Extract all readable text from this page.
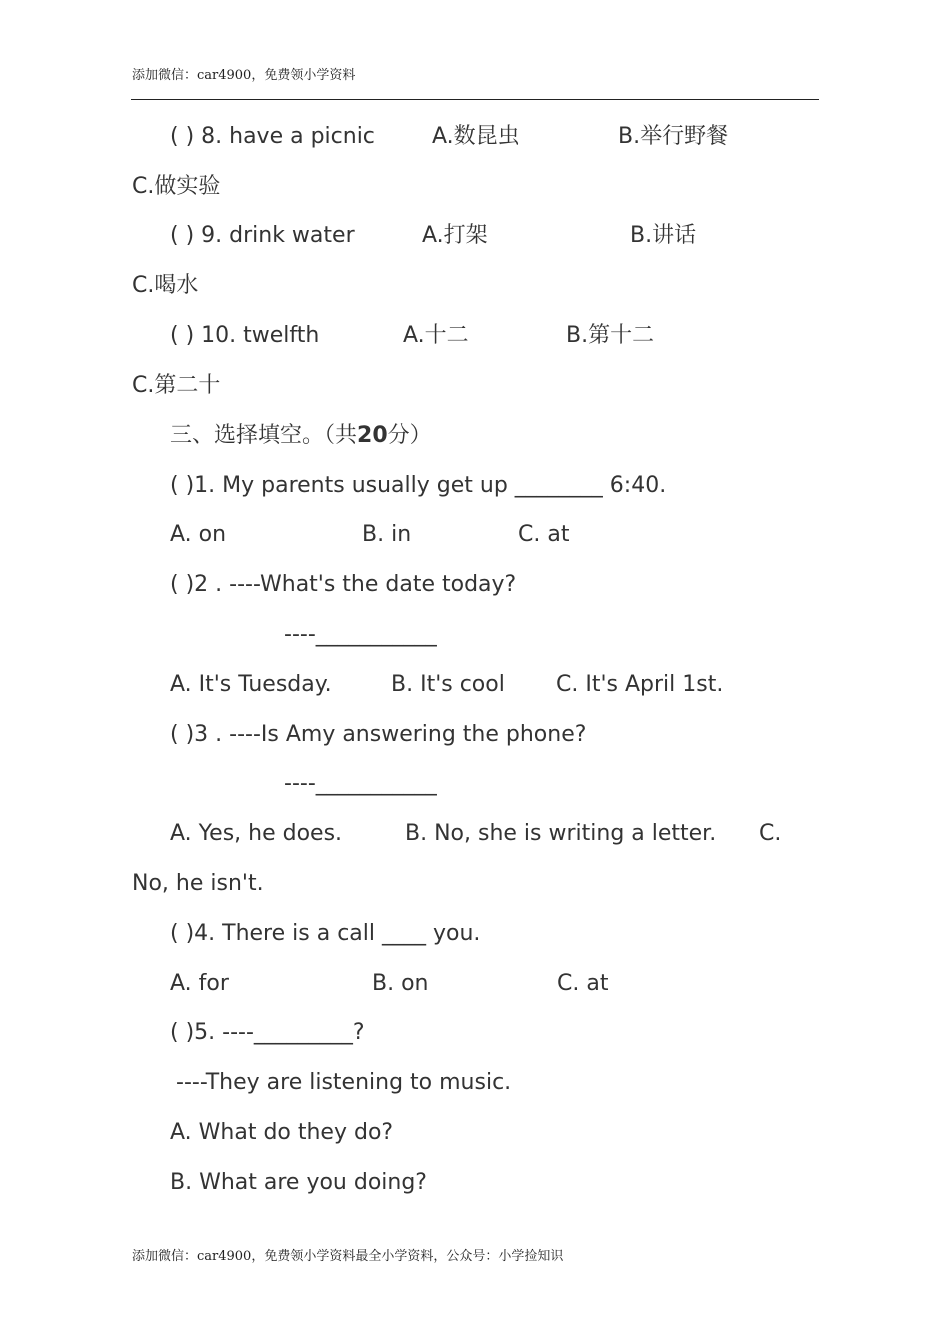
添加微信：car4900，免费领小学资料
( ) 8. have a picnic	A.数昆虫	B.举行野餐
C.做实验
( ) 9. drink water	A.打架	B.讲话
C.喝水
( ) 10. twelfth	A.十二	B.第十二
C.第二十
三、选择填空。（共20分）
( )1. My parents usually get up ________ 6:40.
A. on	B. in	C. at
( )2 . ----What's the date today?
----___________
A. It's Tuesday.	B. It's cool C. It's April 1st.
( )3 . ----Is Amy answering the phone?
----___________
A. Yes, he does.	B. No, she is writing a letter. C.
No, he isn't.
( )4. There is a call ____ you.
A. for	B. on	C. at
( )5. ----_________?
----They are listening to music.
A. What do they do?
B. What are you doing?
添加微信：car4900，免费领小学资料最全小学资料，公众号：小学捡知识
